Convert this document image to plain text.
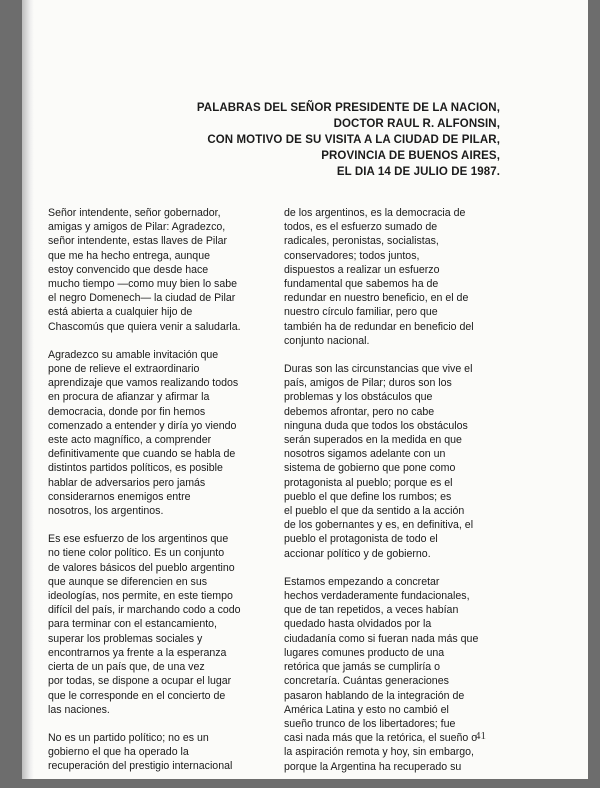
PALABRAS DEL SEÑOR PRESIDENTE DE LA NACION,
DOCTOR RAUL R. ALFONSIN,
CON MOTIVO DE SU VISITA A LA CIUDAD DE PILAR,
PROVINCIA DE BUENOS AIRES,
EL DIA 14 DE JULIO DE 1987.
Señor intendente, señor gobernador,
amigas y amigos de Pilar: Agradezco,
señor intendente, estas llaves de Pilar
que me ha hecho entrega, aunque
estoy convencido que desde hace
mucho tiempo —como muy bien lo sabe
el negro Domenech— la ciudad de Pilar
está abierta a cualquier hijo de
Chascomús que quiera venir a saludarla.
Agradezco su amable invitación que
pone de relieve el extraordinario
aprendizaje que vamos realizando todos
en procura de afianzar y afirmar la
democracia, donde por fin hemos
comenzado a entender y diría yo viendo
este acto magnífico, a comprender
definitivamente que cuando se habla de
distintos partidos políticos, es posible
hablar de adversarios pero jamás
considerarnos enemigos entre
nosotros, los argentinos.
Es ese esfuerzo de los argentinos que
no tiene color político. Es un conjunto
de valores básicos del pueblo argentino
que aunque se diferencien en sus
ideologías, nos permite, en este tiempo
difícil del país, ir marchando codo a codo
para terminar con el estancamiento,
superar los problemas sociales y
encontrarnos ya frente a la esperanza
cierta de un país que, de una vez
por todas, se dispone a ocupar el lugar
que le corresponde en el concierto de
las naciones.
No es un partido político; no es un
gobierno el que ha operado la
recuperación del prestigio internacional
de los argentinos, es la democracia de
todos, es el esfuerzo sumado de
radicales, peronistas, socialistas,
conservadores; todos juntos,
dispuestos a realizar un esfuerzo
fundamental que sabemos ha de
redundar en nuestro beneficio, en el de
nuestro círculo familiar, pero que
también ha de redundar en beneficio del
conjunto nacional.
Duras son las circunstancias que vive el
país, amigos de Pilar; duros son los
problemas y los obstáculos que
debemos afrontar, pero no cabe
ninguna duda que todos los obstáculos
serán superados en la medida en que
nosotros sigamos adelante con un
sistema de gobierno que pone como
protagonista al pueblo; porque es el
pueblo el que define los rumbos; es
el pueblo el que da sentido a la acción
de los gobernantes y es, en definitiva, el
pueblo el protagonista de todo el
accionar político y de gobierno.
Estamos empezando a concretar
hechos verdaderamente fundacionales,
que de tan repetidos, a veces habían
quedado hasta olvidados por la
ciudadanía como si fueran nada más que
lugares comunes producto de una
retórica que jamás se cumpliría o
concretaría. Cuántas generaciones
pasaron hablando de la integración de
América Latina y esto no cambió el
sueño trunco de los libertadores; fue
casi nada más que la retórica, el sueño o
la aspiración remota y hoy, sin embargo,
porque la Argentina ha recuperado su
41
